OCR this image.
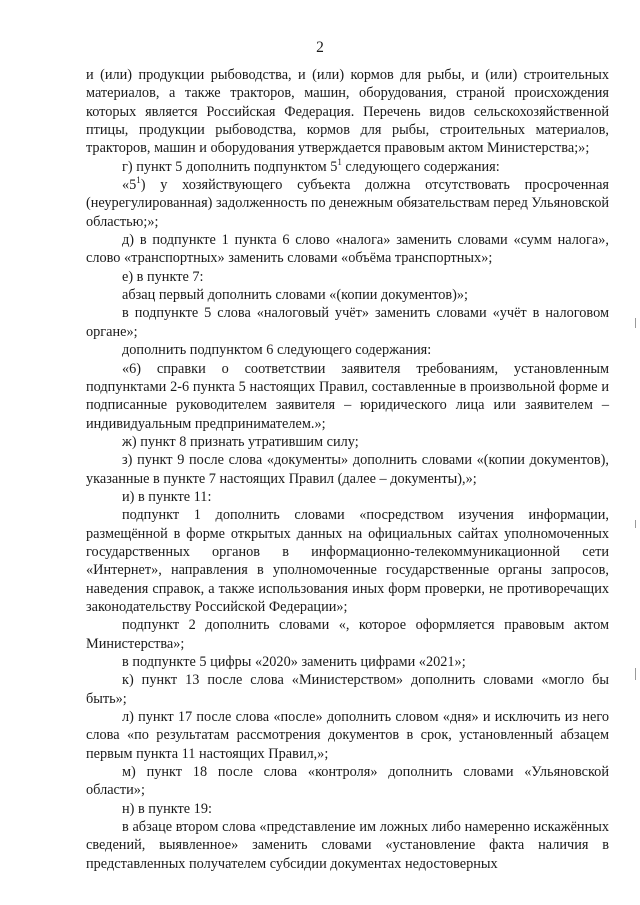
2

и (или) продукции рыбоводства, и (или) кормов для рыбы, и (или) строительных материалов, а также тракторов, машин, оборудования, страной происхождения которых является Российская Федерация. Перечень видов сельскохозяйственной птицы, продукции рыбоводства, кормов для рыбы, строительных материалов, тракторов, машин и оборудования утверждается правовым актом Министерства;»;

г) пункт 5 дополнить подпунктом $5^1$ следующего содержания:

«$5^1$) у хозяйствующего субъекта должна отсутствовать просроченная (неурегулированная) задолженность по денежным обязательствам перед Ульяновской областью;»;

д) в подпункте 1 пункта 6 слово «налога» заменить словами «сумм налога», слово «транспортных» заменить словами «объёма транспортных»;

е) в пункте 7:

абзац первый дополнить словами «(копии документов)»;

в подпункте 5 слова «налоговый учёт» заменить словами «учёт в налоговом органе»;

дополнить подпунктом 6 следующего содержания:

«6) справки о соответствии заявителя требованиям, установленным подпунктами 2-6 пункта 5 настоящих Правил, составленные в произвольной форме и подписанные руководителем заявителя – юридического лица или заявителем – индивидуальным предпринимателем.»;

ж) пункт 8 признать утратившим силу;

з) пункт 9 после слова «документы» дополнить словами «(копии документов), указанные в пункте 7 настоящих Правил (далее – документы),»;

и) в пункте 11:

подпункт 1 дополнить словами «посредством изучения информации, размещённой в форме открытых данных на официальных сайтах уполномоченных государственных органов в информационно-телекоммуникационной сети «Интернет», направления в уполномоченные государственные органы запросов, наведения справок, а также использования иных форм проверки, не противоречащих законодательству Российской Федерации»;

подпункт 2 дополнить словами «, которое оформляется правовым актом Министерства»;

в подпункте 5 цифры «2020» заменить цифрами «2021»;

к) пункт 13 после слова «Министерством» дополнить словами «могло бы быть»;

л) пункт 17 после слова «после» дополнить словом «дня» и исключить из него слова «по результатам рассмотрения документов в срок, установленный абзацем первым пункта 11 настоящих Правил,»;

м) пункт 18 после слова «контроля» дополнить словами «Ульяновской области»;

н) в пункте 19:

в абзаце втором слова «представление им ложных либо намеренно искажённых сведений, выявленное» заменить словами «установление факта наличия в представленных получателем субсидии документах недостоверных
